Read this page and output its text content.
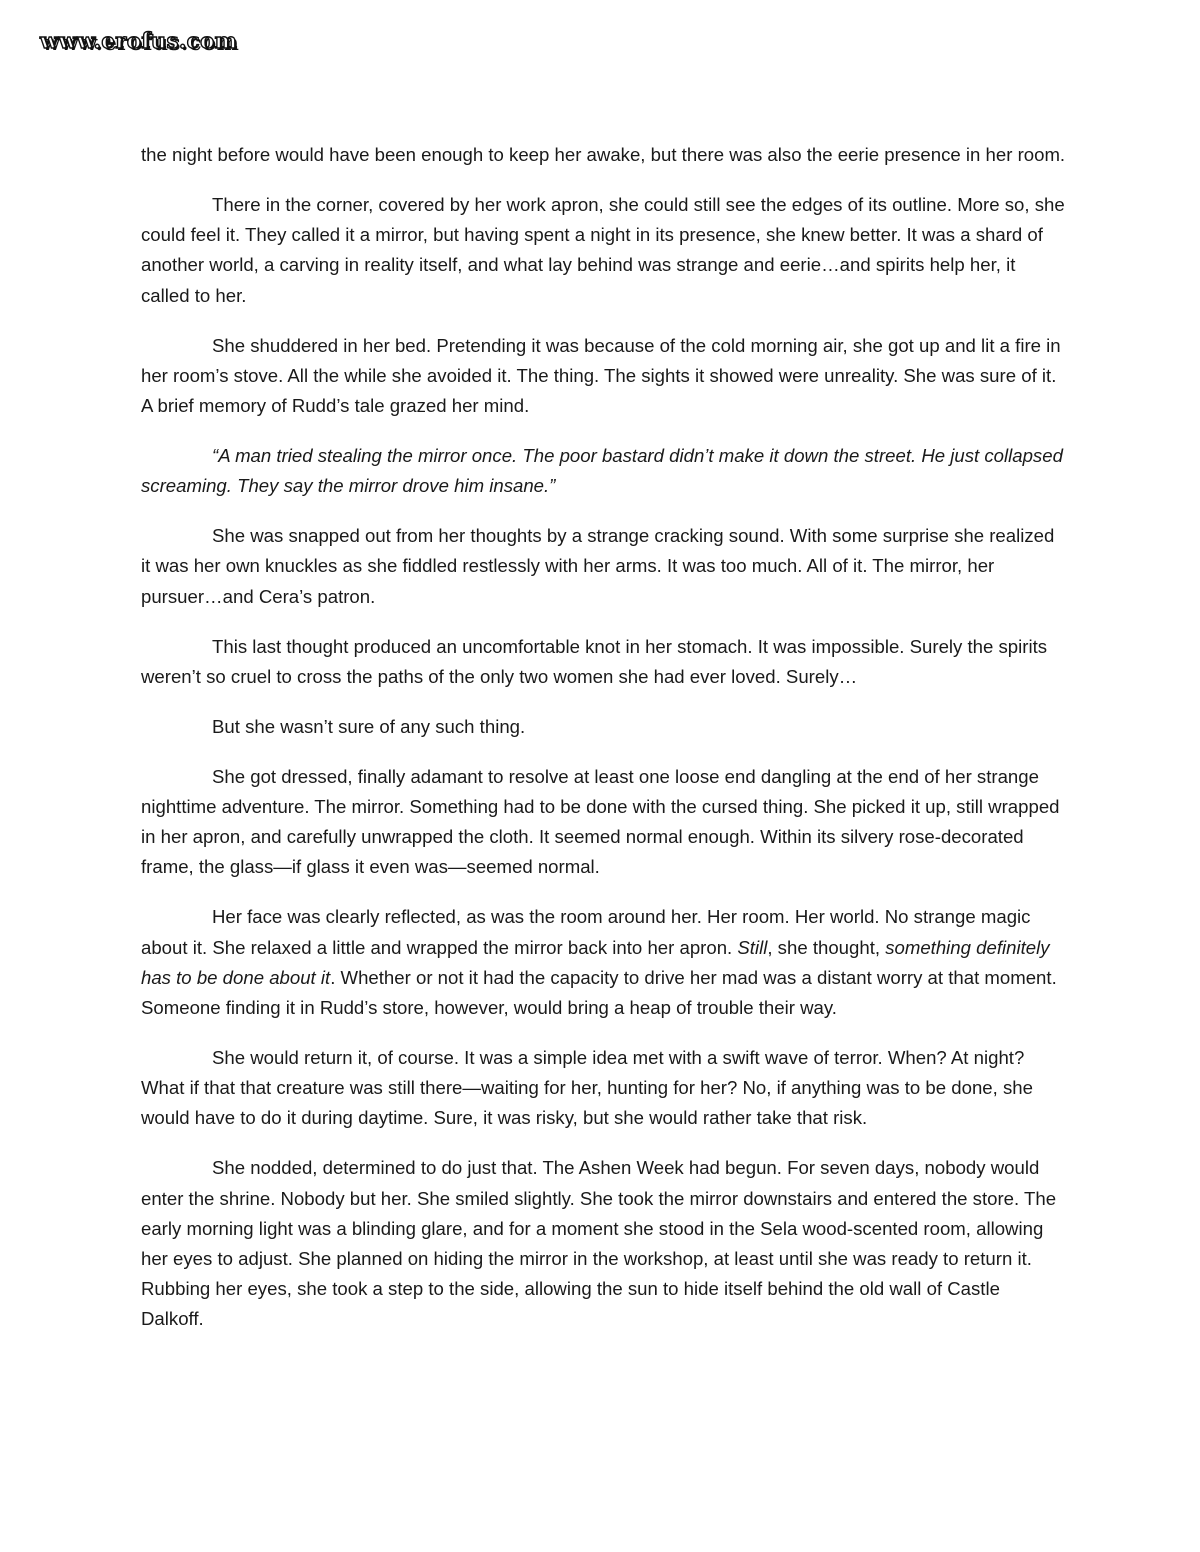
www.erofus.com

the night before would have been enough to keep her awake, but there was also the eerie presence in her room.

There in the corner, covered by her work apron, she could still see the edges of its outline. More so, she could feel it. They called it a mirror, but having spent a night in its presence, she knew better. It was a shard of another world, a carving in reality itself, and what lay behind was strange and eerie…and spirits help her, it called to her.

She shuddered in her bed. Pretending it was because of the cold morning air, she got up and lit a fire in her room’s stove. All the while she avoided it. The thing. The sights it showed were unreality. She was sure of it. A brief memory of Rudd’s tale grazed her mind.

“A man tried stealing the mirror once. The poor bastard didn’t make it down the street. He just collapsed screaming. They say the mirror drove him insane.”

She was snapped out from her thoughts by a strange cracking sound. With some surprise she realized it was her own knuckles as she fiddled restlessly with her arms. It was too much. All of it. The mirror, her pursuer…and Cera’s patron.

This last thought produced an uncomfortable knot in her stomach. It was impossible. Surely the spirits weren’t so cruel to cross the paths of the only two women she had ever loved. Surely…

But she wasn’t sure of any such thing.

She got dressed, finally adamant to resolve at least one loose end dangling at the end of her strange nighttime adventure. The mirror. Something had to be done with the cursed thing. She picked it up, still wrapped in her apron, and carefully unwrapped the cloth. It seemed normal enough. Within its silvery rose-decorated frame, the glass—if glass it even was—seemed normal.

Her face was clearly reflected, as was the room around her. Her room. Her world. No strange magic about it. She relaxed a little and wrapped the mirror back into her apron. Still, she thought, something definitely has to be done about it. Whether or not it had the capacity to drive her mad was a distant worry at that moment. Someone finding it in Rudd’s store, however, would bring a heap of trouble their way.

She would return it, of course. It was a simple idea met with a swift wave of terror. When? At night? What if that that creature was still there—waiting for her, hunting for her? No, if anything was to be done, she would have to do it during daytime. Sure, it was risky, but she would rather take that risk.

She nodded, determined to do just that. The Ashen Week had begun. For seven days, nobody would enter the shrine. Nobody but her. She smiled slightly. She took the mirror downstairs and entered the store. The early morning light was a blinding glare, and for a moment she stood in the Sela wood-scented room, allowing her eyes to adjust. She planned on hiding the mirror in the workshop, at least until she was ready to return it. Rubbing her eyes, she took a step to the side, allowing the sun to hide itself behind the old wall of Castle Dalkoff.
